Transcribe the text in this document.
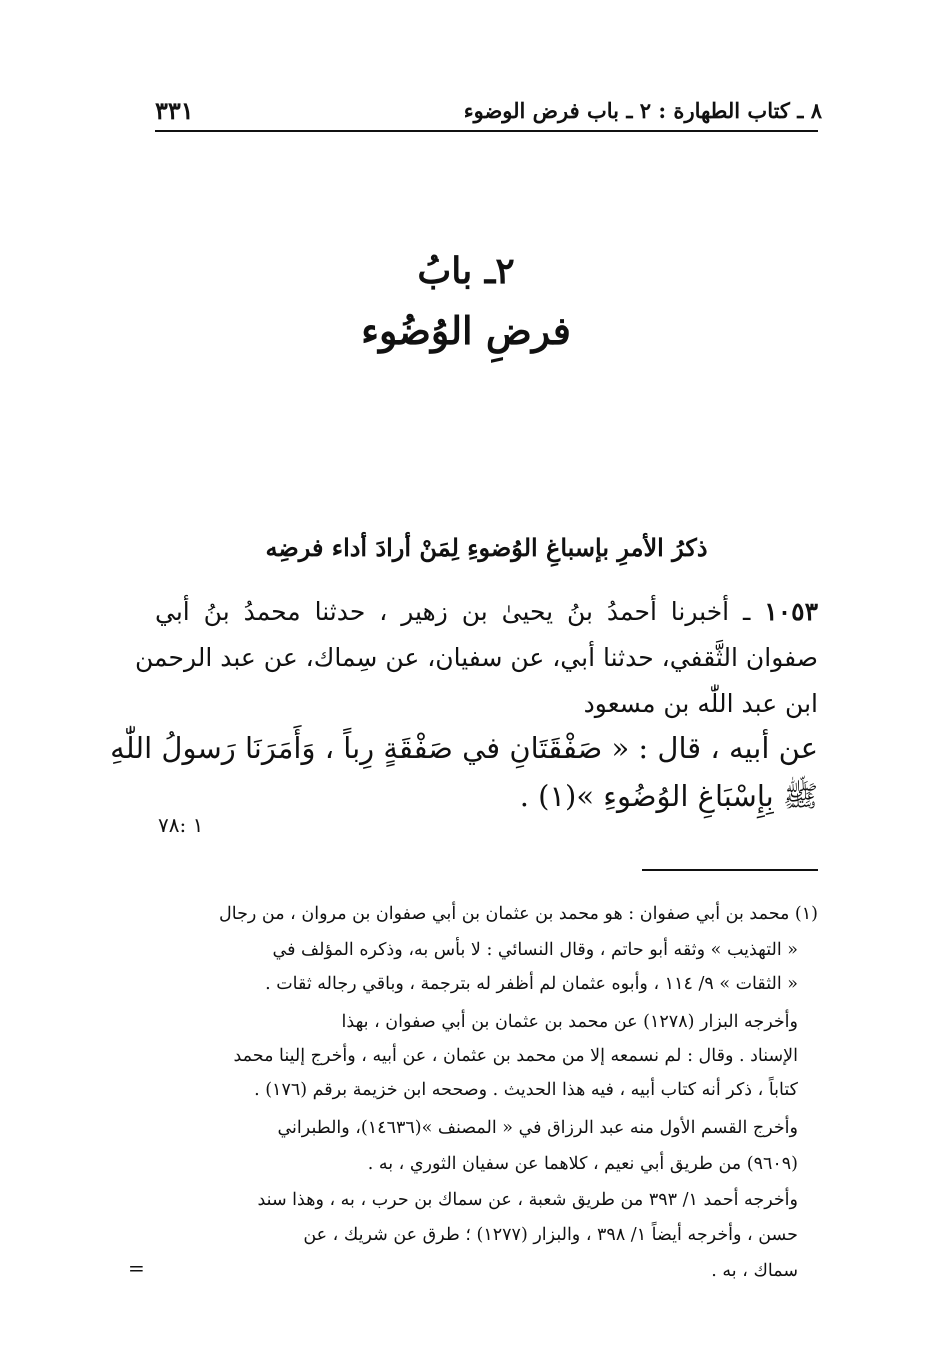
٨ ـ كتاب الطهارة : ٢ ـ باب فرض الوضوء
٣٣١
٢ـ بابُ
فرضِ الوُضُوء
ذكرُ الأمرِ بإسباغِ الوُضوءِ لِمَنْ أرادَ أداء فرضِه
١٠٥٣ ـ أخبرنا أحمدُ بنُ يحيىٰ بن زهير ، حدثنا محمدُ بنُ أبي
صفوان الثَّقفي، حدثنا أبي، عن سفيان، عن سِماك، عن عبد الرحمن
ابن عبد اللّٰه بن مسعود
عن أبيه ، قال : « صَفْقَتَانِ في صَفْقَةٍ رِباً ، وَأَمَرَنَا رَسولُ اللّٰهِ
ﷺ بِإِسْبَاغِ الوُضُوءِ »(١) .
١ :٧٨
(١) محمد بن أبي صفوان : هو محمد بن عثمان بن أبي صفوان بن مروان ، من رجال
« التهذيب » وثقه أبو حاتم ، وقال النسائي : لا بأس به، وذكره المؤلف في
« الثقات » ٩/ ١١٤ ، وأبوه عثمان لم أظفر له بترجمة ، وباقي رجاله ثقات .
وأخرجه البزار (١٢٧٨) عن محمد بن عثمان بن أبي صفوان ، بهذا
الإسناد . وقال : لم نسمعه إلا من محمد بن عثمان ، عن أبيه ، وأخرج إلينا محمد
كتاباً ، ذكر أنه كتاب أبيه ، فيه هذا الحديث . وصححه ابن خزيمة برقم (١٧٦) .
وأخرج القسم الأول منه عبد الرزاق في « المصنف »(١٤٦٣٦)، والطبراني
(٩٦٠٩) من طريق أبي نعيم ، كلاهما عن سفيان الثوري ، به .
وأخرجه أحمد ١/ ٣٩٣ من طريق شعبة ، عن سماك بن حرب ، به ، وهذا سند
حسن ، وأخرجه أيضاً ١/ ٣٩٨ ، والبزار (١٢٧٧) ؛ طرق عن شريك ، عن
سماك ، به .
=
